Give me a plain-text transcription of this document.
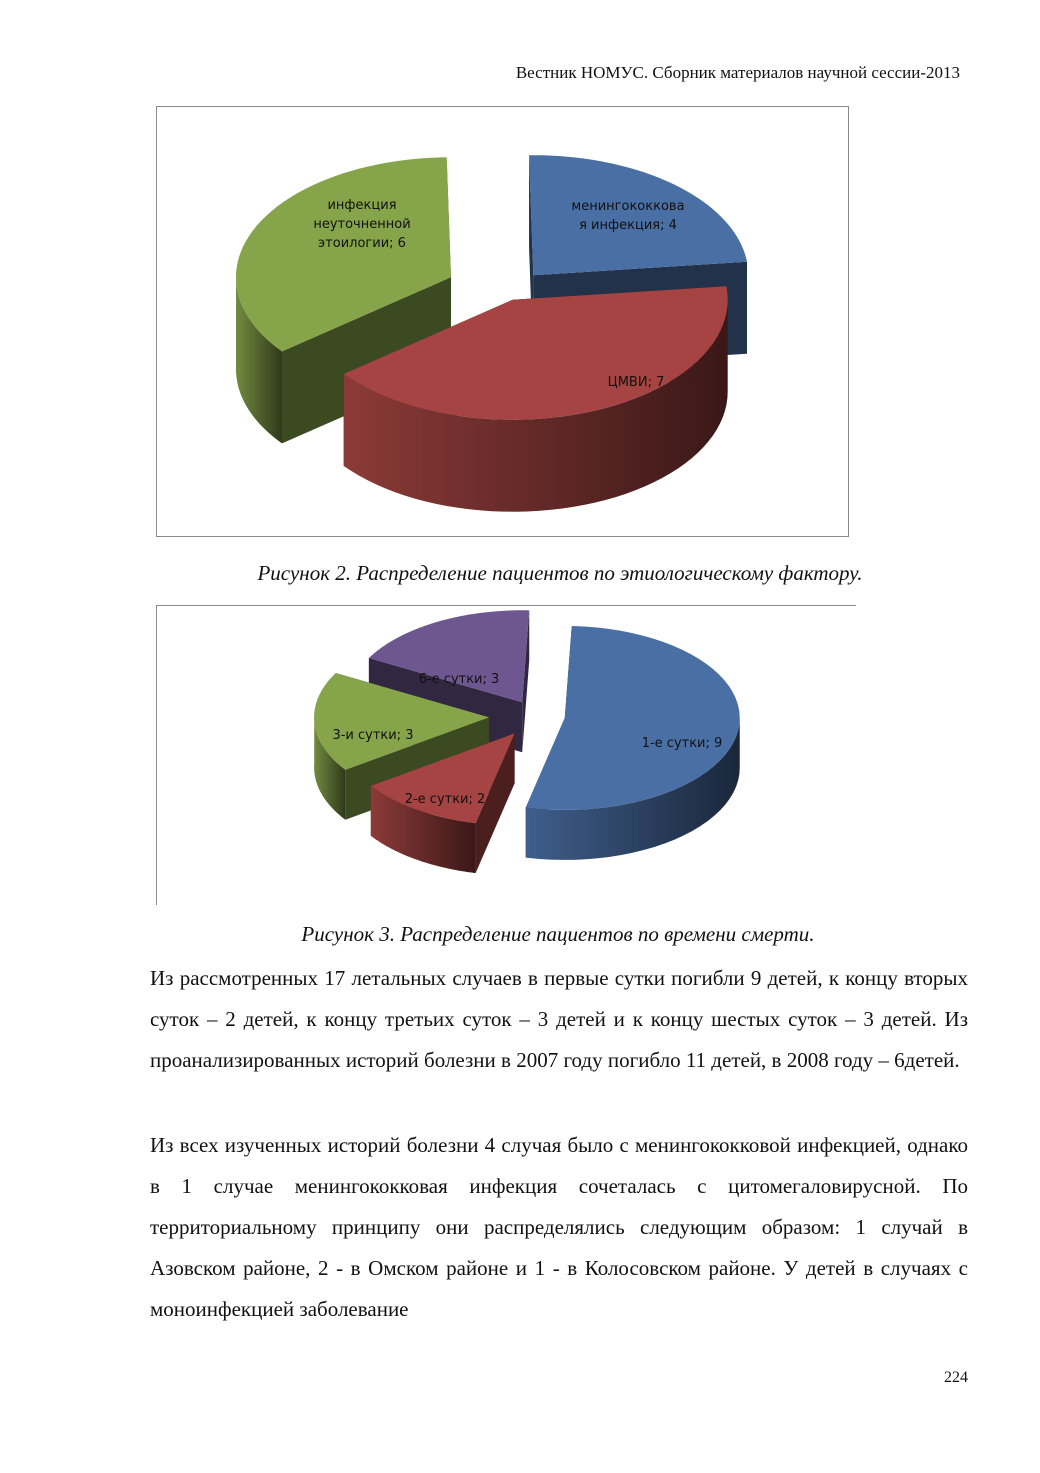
Вестник НОМУС. Сборник материалов научной сессии-2013
менингококкова я инфекция; 4
ЦМВИ; 7
инфекция неуточненной этоилогии; 6
Рисунок 2. Распределение пациентов по этиологическому фактору.
1-е сутки; 9
2-е сутки; 2
3-и сутки; 3
6-е сутки; 3
Рисунок 3. Распределение пациентов по времени смерти.

Из рассмотренных 17 летальных случаев в первые сутки погибли 9 детей, к концу вторых суток – 2 детей, к концу третьих суток – 3 детей и к концу шестых суток – 3 детей. Из проанализированных историй болезни в 2007 году погибло 11 детей, в 2008 году – 6детей.

Из всех изученных историй болезни 4 случая было с менингококковой инфекцией, однако в 1 случае менингококковая инфекция сочеталась с цитомегаловирусной. По территориальному принципу они распределялись следующим образом: 1 случай в Азовском районе, 2 - в Омском районе и 1 - в Колосовском районе. У детей в случаях с моноинфекцией заболевание

224
